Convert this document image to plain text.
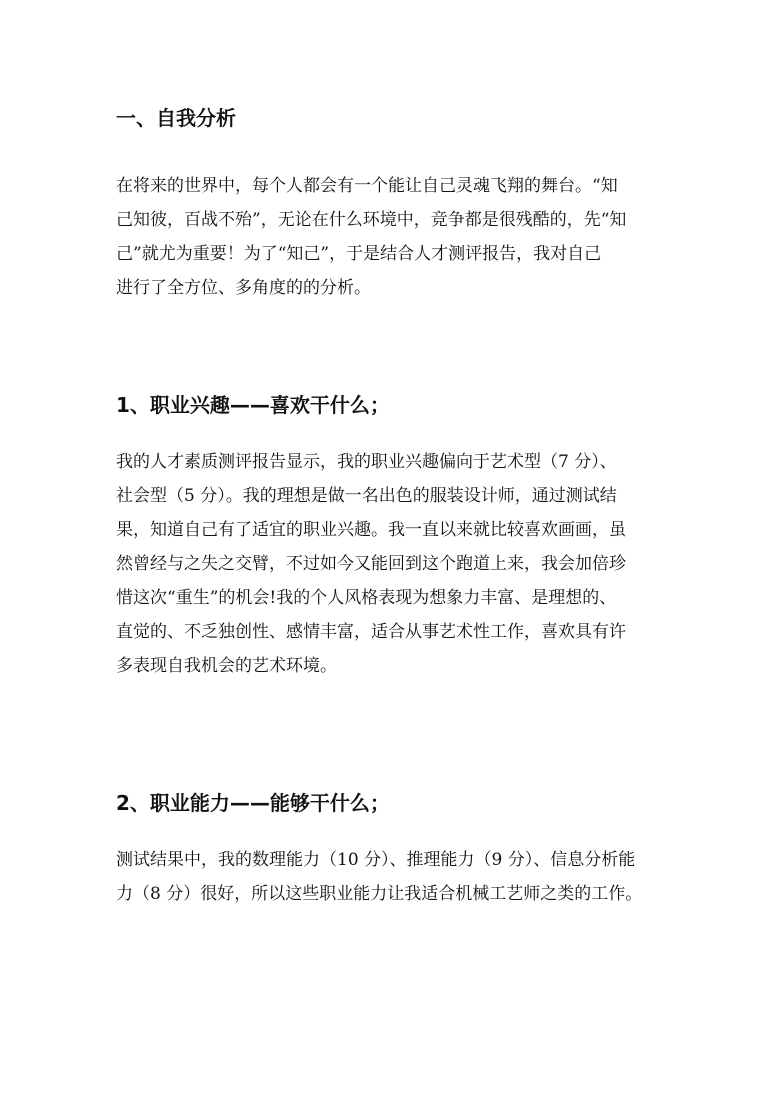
一、自我分析
在将来的世界中，每个人都会有一个能让自己灵魂飞翔的舞台。“知
己知彼，百战不殆”，无论在什么环境中，竞争都是很残酷的，先“知
己”就尤为重要！为了“知己”，于是结合人才测评报告，我对自己
进行了全方位、多角度的的分析。
1、职业兴趣——喜欢干什么；
我的人才素质测评报告显示，我的职业兴趣偏向于艺术型（7 分）、
社会型（5 分）。我的理想是做一名出色的服装设计师，通过测试结
果，知道自己有了适宜的职业兴趣。我一直以来就比较喜欢画画，虽
然曾经与之失之交臂，不过如今又能回到这个跑道上来，我会加倍珍
惜这次“重生”的机会!我的个人风格表现为想象力丰富、是理想的、
直觉的、不乏独创性、感情丰富，适合从事艺术性工作，喜欢具有许
多表现自我机会的艺术环境。
2、职业能力——能够干什么；
测试结果中，我的数理能力（10 分）、推理能力（9 分）、信息分析能
力（8 分）很好，所以这些职业能力让我适合机械工艺师之类的工作。
